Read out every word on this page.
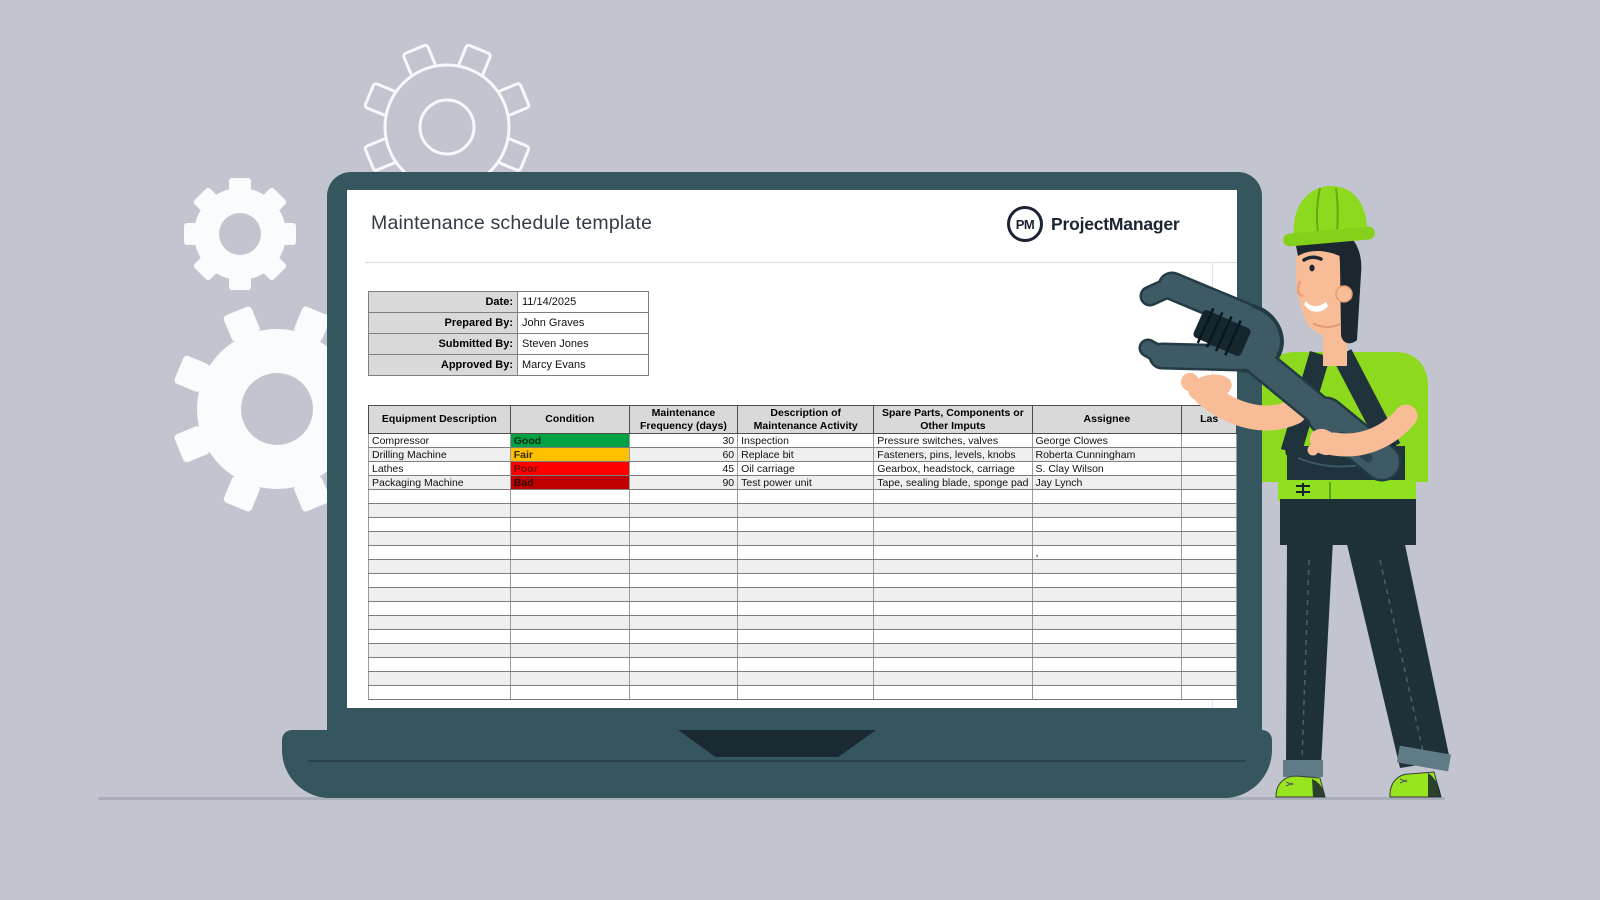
Maintenance schedule template	PM ProjectManager
Date:	11/14/2025
Prepared By:	John Graves
Submitted By:	Steven Jones
Approved By:	Marcy Evans
Equipment Description	Condition	Maintenance Frequency (days)	Description of Maintenance Activity	Spare Parts, Components or Other Imputs	Assignee	Las
Compressor	Good	30	Inspection	Pressure switches, valves	George Clowes	
Drilling Machine	Fair	60	Replace bit	Fasteners, pins, levels, knobs	Roberta Cunningham	
Lathes	Poor	45	Oil carriage	Gearbox, headstock, carriage	S. Clay Wilson	
Packaging Machine	Bad	90	Test power unit	Tape, sealing blade, sponge pad	Jay Lynch	

					,	
